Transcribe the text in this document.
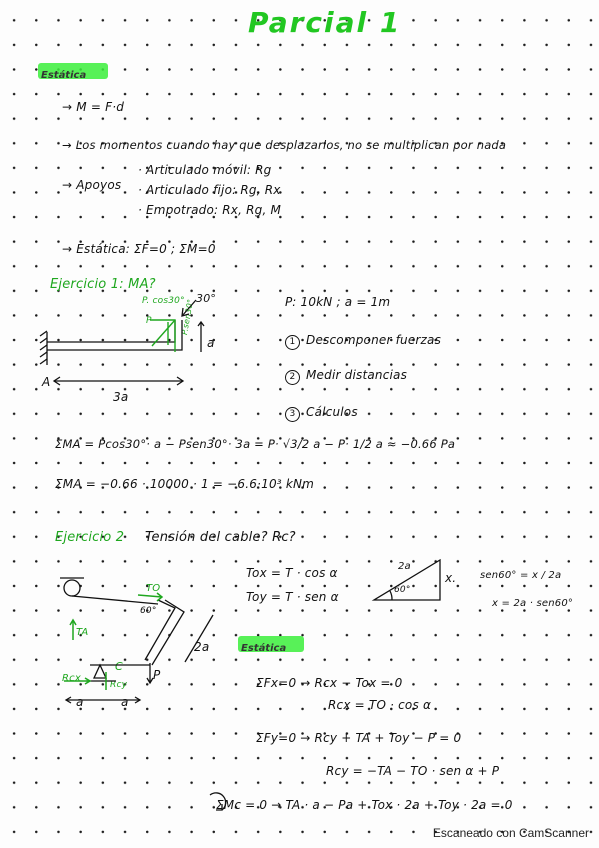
Parcial 1
Estática
→ M = F·d
→ Los momentos cuando hay que desplazarlos, no se multiplican por nada
→ Apoyos
· Articulado móvil: Rg
· Articulado fijo: Rg, Rx
· Empotrado: Rx, Rg, M
→ Estática: ΣF=0 ; ΣM=0
Ejercicio 1: MA?
P: 10kN ; a = 1m
1 Descomponer fuerzas
2 Medir distancias
3 Cálculos
P. cos30°
P
30°
P.sen30°
a
A
3a
ΣMA = Pcos30°· a − Psen30°· 3a = P· √3/2 a − P· 1/2 a ≈ −0.66 Pa
ΣMA = −0.66 · 10000 · 1 = −6.6·10³ kNm
Ejercicio 2 Tensión del cable? Rc?
Tox = T · cos α
Toy = T · sen α
2a
60°
x. sen60° = x / 2a
x = 2a · sen60°
TO
60°
TA
2a
C
Rcx
Rcy
P
a	a
Estática
ΣFx=0 → Rcx − Tox = 0
Rcx = TO · cos α
ΣFy=0 → Rcy + TA + Toy − P = 0
Rcy = −TA − TO · sen α + P
ΣMc = 0 → TA · a − Pa + Tox · 2a + Toy · 2a = 0
Escaneado con CamScanner
